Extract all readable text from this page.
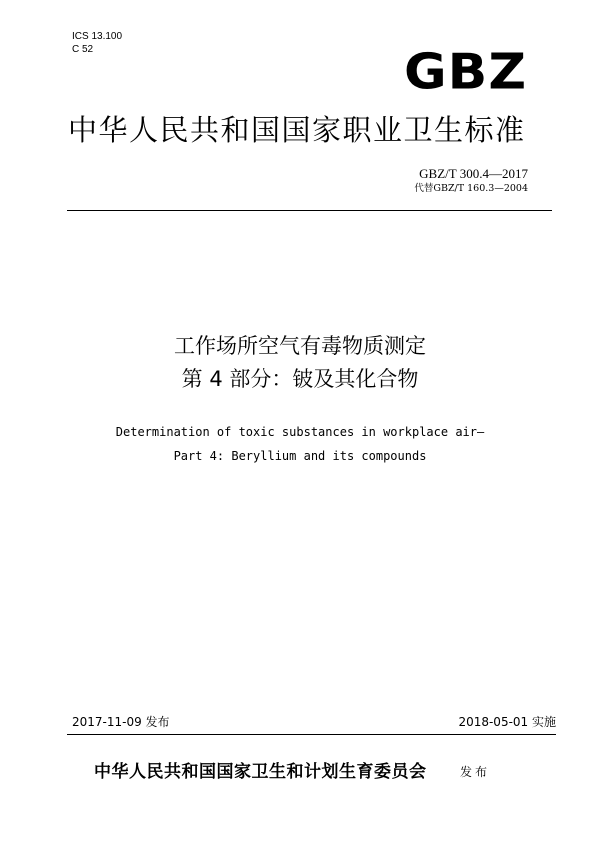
ICS 13.100
C 52	GBZ
中华人民共和国国家职业卫生标准
GBZ/T 300.4—2017
代替GBZ/T 160.3—2004
工作场所空气有毒物质测定
第 4 部分：铍及其化合物
Determination of toxic substances in workplace air—
Part 4: Beryllium and its compounds
2017-11-09 发布	2018-05-01 实施
中华人民共和国国家卫生和计划生育委员会	发布
